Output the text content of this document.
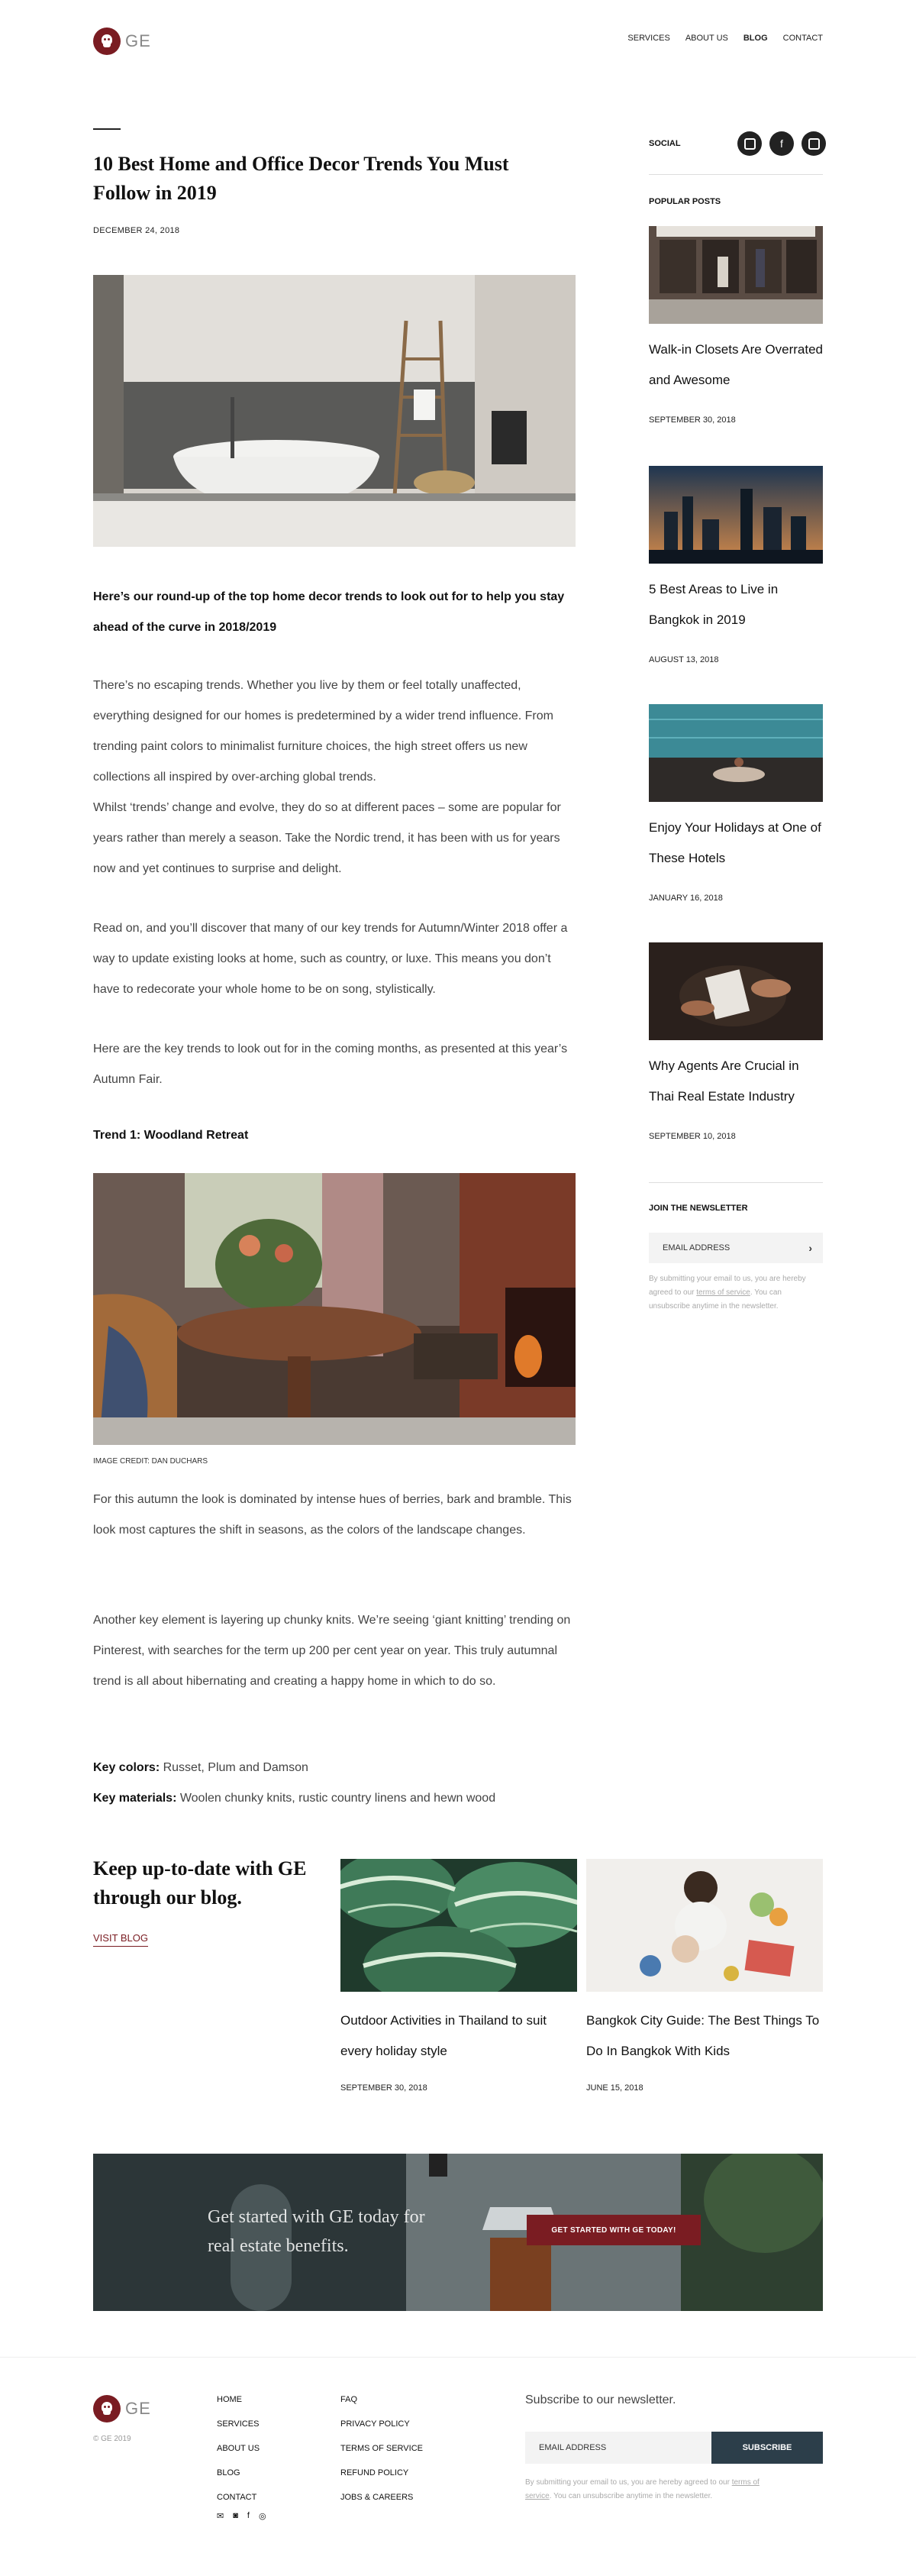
GE	SERVICES ABOUT US BLOG CONTACT
10 Best Home and Office Decor Trends You Must Follow in 2019
DECEMBER 24, 2018

Here’s our round-up of the top home decor trends to look out for to help you stay ahead of the curve in 2018/2019

There’s no escaping trends. Whether you live by them or feel totally unaffected, everything designed for our homes is predetermined by a wider trend influence. From trending paint colors to minimalist furniture choices, the high street offers us new collections all inspired by over-arching global trends.

Whilst ‘trends’ change and evolve, they do so at different paces – some are popular for years rather than merely a season. Take the Nordic trend, it has been with us for years now and yet continues to surprise and delight.

Read on, and you’ll discover that many of our key trends for Autumn/Winter 2018 offer a way to update existing looks at home, such as country, or luxe. This means you don’t have to redecorate your whole home to be on song, stylistically.

Here are the key trends to look out for in the coming months, as presented at this year’s Autumn Fair.

Trend 1: Woodland Retreat
IMAGE CREDIT: DAN DUCHARS

For this autumn the look is dominated by intense hues of berries, bark and bramble. This look most captures the shift in seasons, as the colors of the landscape changes.

Another key element is layering up chunky knits. We’re seeing ‘giant knitting’ trending on Pinterest, with searches for the term up 200 per cent year on year. This truly autumnal trend is all about hibernating and creating a happy home in which to do so.

Key colors: Russet, Plum and Damson
Key materials: Woolen chunky knits, rustic country linens and hewn wood
SOCIAL	f
POPULAR POSTS
Walk-in Closets Are Overrated and Awesome
SEPTEMBER 30, 2018
5 Best Areas to Live in Bangkok in 2019
AUGUST 13, 2018
Enjoy Your Holidays at One of These Hotels
JANUARY 16, 2018
Why Agents Are Crucial in Thai Real Estate Industry
SEPTEMBER 10, 2018
JOIN THE NEWSLETTER
EMAIL ADDRESS	›

By submitting your email to us, you are hereby agreed to our terms of service. You can unsubscribe anytime in the newsletter.

Keep up-to-date with GE through our blog.
VISIT BLOG
Outdoor Activities in Thailand to suit every holiday style
SEPTEMBER 30, 2018
Bangkok City Guide: The Best Things To Do In Bangkok With Kids
JUNE 15, 2018
Get started with GE today for real estate benefits.
GET STARTED WITH GE TODAY!
GE
© GE 2019
HOME
SERVICES
ABOUT US
BLOG
CONTACT
FAQ
PRIVACY POLICY
TERMS OF SERVICE
REFUND POLICY
JOBS & CAREERS
✉ ◙ f ◎
Subscribe to our newsletter.
EMAIL ADDRESS	SUBSCRIBE

By submitting your email to us, you are hereby agreed to our terms of service. You can unsubscribe anytime in the newsletter.
